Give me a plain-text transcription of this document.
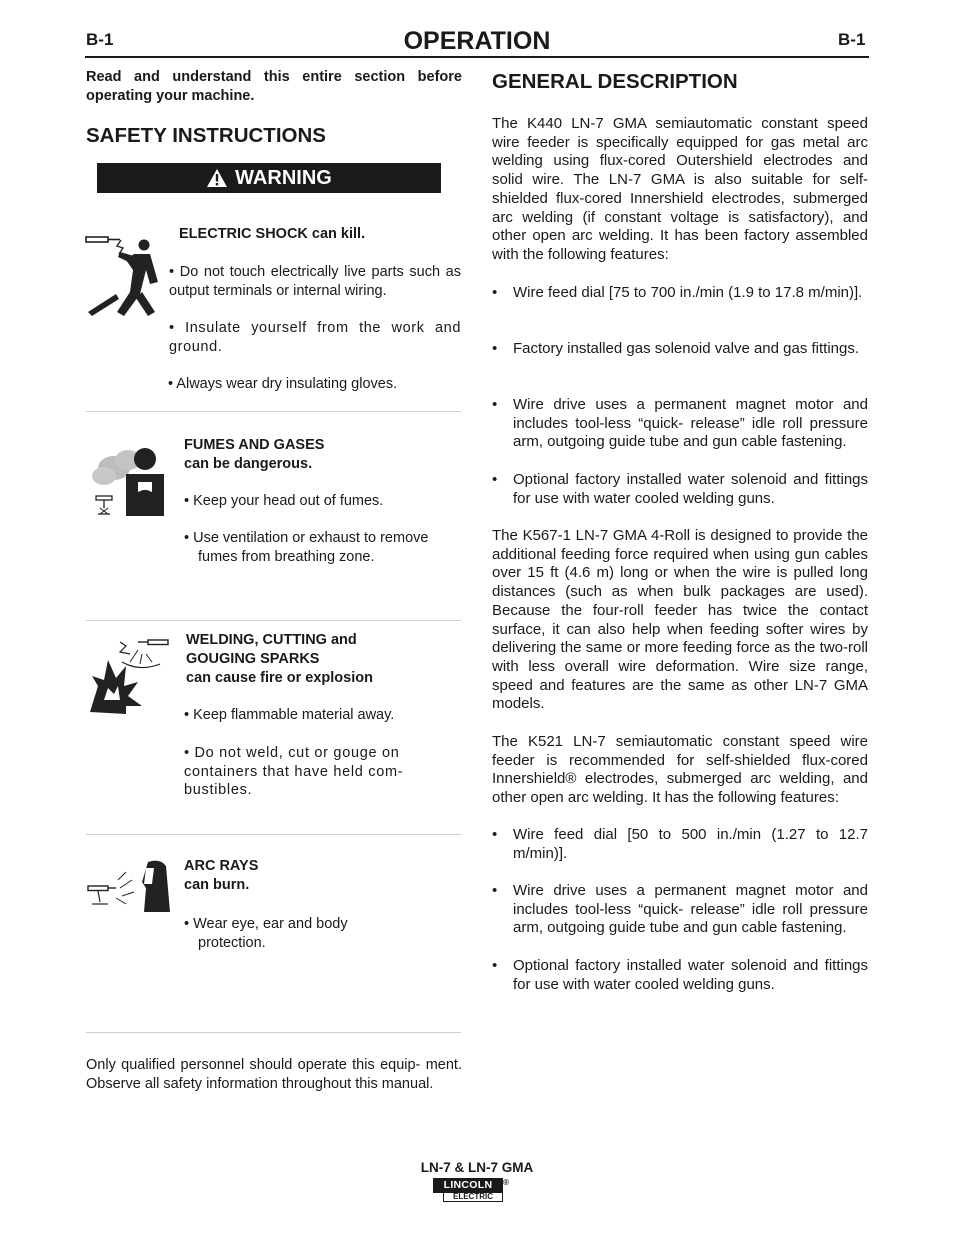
B-1	OPERATION	B-1
Read and understand this entire section before operating your machine.
SAFETY INSTRUCTIONS
WARNING
ELECTRIC SHOCK can kill.
• Do not touch electrically live parts such as output terminals or internal wiring.
• Insulate yourself from the work and ground.
• Always wear dry insulating gloves.
FUMES AND GASES
can be dangerous.
• Keep your head out of fumes.
• Use ventilation or exhaust to remove fumes from breathing zone.
WELDING, CUTTING and
GOUGING SPARKS
can cause fire or explosion
• Keep flammable material away.
• Do not weld, cut or gouge on containers that have held com- bustibles.
ARC RAYS
can burn.
• Wear eye, ear and body protection.
Only qualified personnel should operate this equip- ment. Observe all safety information throughout this manual.
GENERAL DESCRIPTION
The K440 LN-7 GMA semiautomatic constant speed wire feeder is specifically equipped for gas metal arc welding using flux-cored Outershield electrodes and solid wire. The LN-7 GMA is also suitable for self-shielded flux-cored Innershield electrodes, submerged arc welding (if constant voltage is satisfactory), and other open arc welding. It has been factory assembled with the following features:
• Wire feed dial [75 to 700 in./min (1.9 to 17.8 m/min)].
• Factory installed gas solenoid valve and gas fittings.
• Wire drive uses a permanent magnet motor and includes tool-less “quick- release” idle roll pressure arm, outgoing guide tube and gun cable fastening.
• Optional factory installed water solenoid and fittings for use with water cooled welding guns.
The K567-1 LN-7 GMA 4-Roll is designed to provide the additional feeding force required when using gun cables over 15 ft (4.6 m) long or when the wire is pulled long distances (such as when bulk packages are used). Because the four-roll feeder has twice the contact surface, it can also help when feeding softer wires by delivering the same or more feeding force as the two-roll with less overall wire deformation. Wire size range, speed and features are the same as other LN-7 GMA models.
The K521 LN-7 semiautomatic constant speed wire feeder is recommended for self-shielded flux-cored Innershield® electrodes, submerged arc welding, and other open arc welding. It has the following features:
• Wire feed dial [50 to 500 in./min (1.27 to 12.7 m/min)].
• Wire drive uses a permanent magnet motor and includes tool-less “quick- release” idle roll pressure arm, outgoing guide tube and gun cable fastening.
• Optional factory installed water solenoid and fittings for use with water cooled welding guns.
LN-7 & LN-7 GMA
LINCOLN
ELECTRIC
®
